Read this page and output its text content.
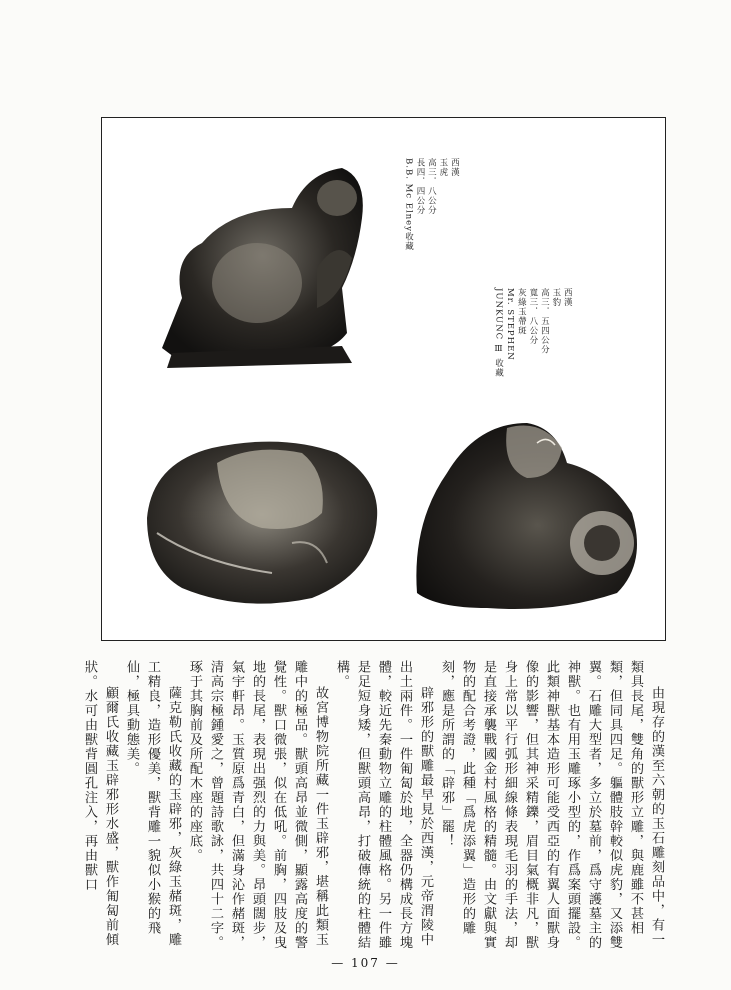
西漢
玉虎
高三．八公分
長四．四公分
B.B. Mc Elney收藏
西漢
玉豹
高三．五四公分
寬三．八公分
灰綠玉帶斑
Mr. STEPHEN
JUNKUNC Ⅲ 收藏

由現存的漢至六朝的玉石雕刻品中，有一類具長尾，雙角的獸形立雕，與鹿雖不甚相類，但同具四足。軀體肢幹較似虎豹，又添雙翼。石雕大型者，多立於墓前，爲守護墓主的神獸。也有用玉雕琢小型的，作爲案頭擺設。此類神獸基本造形可能受西亞的有翼人面獸身像的影響，但其神采精鑠，眉目氣概非凡，獸身上常以平行弧形細線條表現毛羽的手法，却是直接承襲戰國金村風格的精髓。由文獻與實物的配合考證，此種「爲虎添翼」造形的雕刻，應是所謂的「辟邪」罷！

辟邪形的獸雕最早見於西漢，元帝渭陵中出土兩件。一件匍匐於地，全器仍構成長方塊體，較近先秦動物立雕的柱體風格。另一件雖是足短身矮，但獸頭高昂，打破傳統的柱體結構。

故宮博物院所藏一件玉辟邪，堪稱此類玉雕中的極品。獸頭高昂並微側，顯露高度的警覺性。獸口微張，似在低吼。前胸，四肢及曳地的長尾，表現出强烈的力與美。昂頭闊步，氣宇軒昂。玉質原爲青白，但滿身沁作赭斑，清高宗極鍾愛之，曾題詩歌詠，共四十二字。琢于其胸前及所配木座的座底。

薩克勒氏收藏的玉辟邪，灰綠玉赭斑，雕工精良，造形優美，獸背雕一貌似小猴的飛仙，極具動態美。

顧爾氏收藏玉辟邪形水盛，獸作匍匐前傾狀。水可由獸背圓孔注入，再由獸口

— 107 —
